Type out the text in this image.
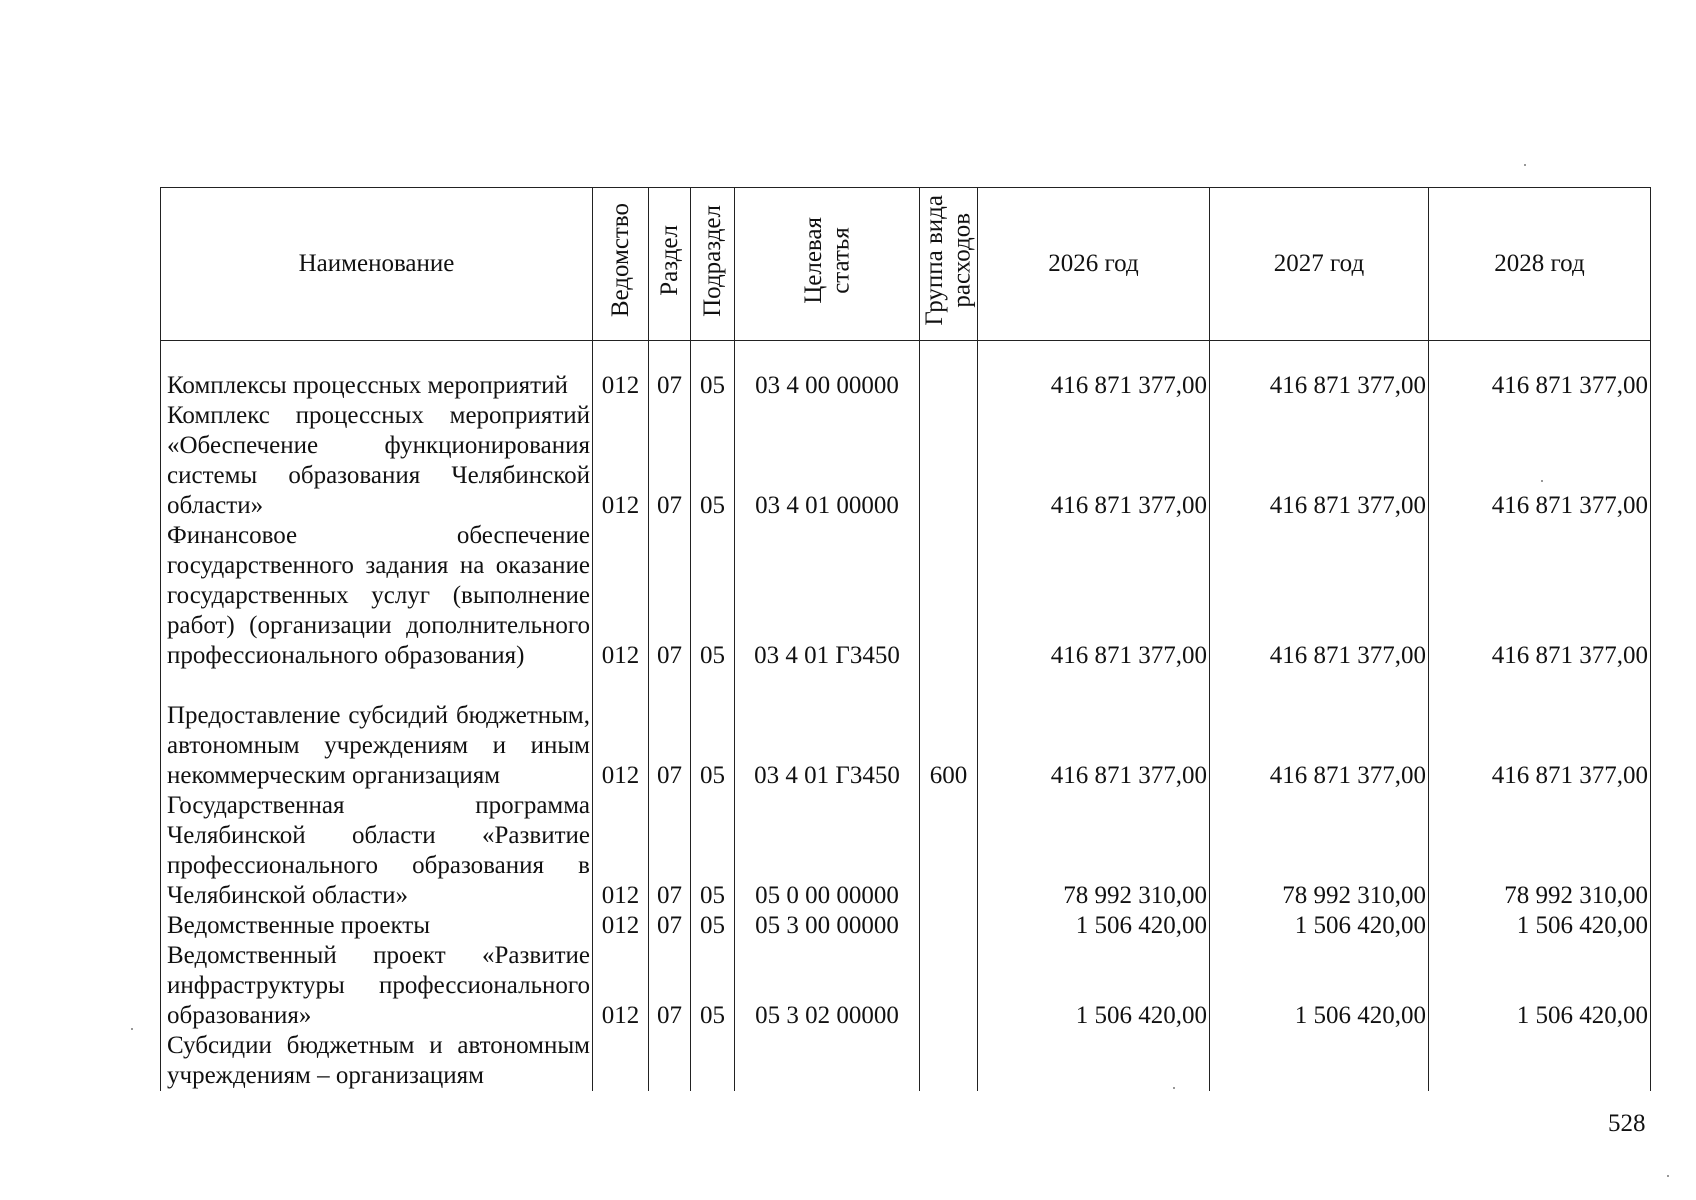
Наименование	Ведомство	Раздел	Подраздел	Целевая статья	Группа вида расходов	2026 год	2027 год	2028 год
Комплексы процессных мероприятий	012	07	05	03 4 00 00000		416 871 377,00	416 871 377,00	416 871 377,00
Комплекс процессных мероприятий «Обеспечение функционирования системы образования Челябинской области»	012	07	05	03 4 01 00000		416 871 377,00	416 871 377,00	416 871 377,00
Финансовое обеспечение государственного задания на оказание государственных услуг (выполнение работ) (организации дополнительного профессионального образования)	012	07	05	03 4 01 Г3450		416 871 377,00	416 871 377,00	416 871 377,00
Предоставление субсидий бюджетным, автономным учреждениям и иным некоммерческим организациям	012	07	05	03 4 01 Г3450	600	416 871 377,00	416 871 377,00	416 871 377,00
Государственная программа Челябинской области «Развитие профессионального образования в Челябинской области»	012	07	05	05 0 00 00000		78 992 310,00	78 992 310,00	78 992 310,00
Ведомственные проекты	012	07	05	05 3 00 00000		1 506 420,00	1 506 420,00	1 506 420,00
Ведомственный проект «Развитие инфраструктуры профессионального образования»	012	07	05	05 3 02 00000		1 506 420,00	1 506 420,00	1 506 420,00
Субсидии бюджетным и автономным учреждениям – организациям								
528
